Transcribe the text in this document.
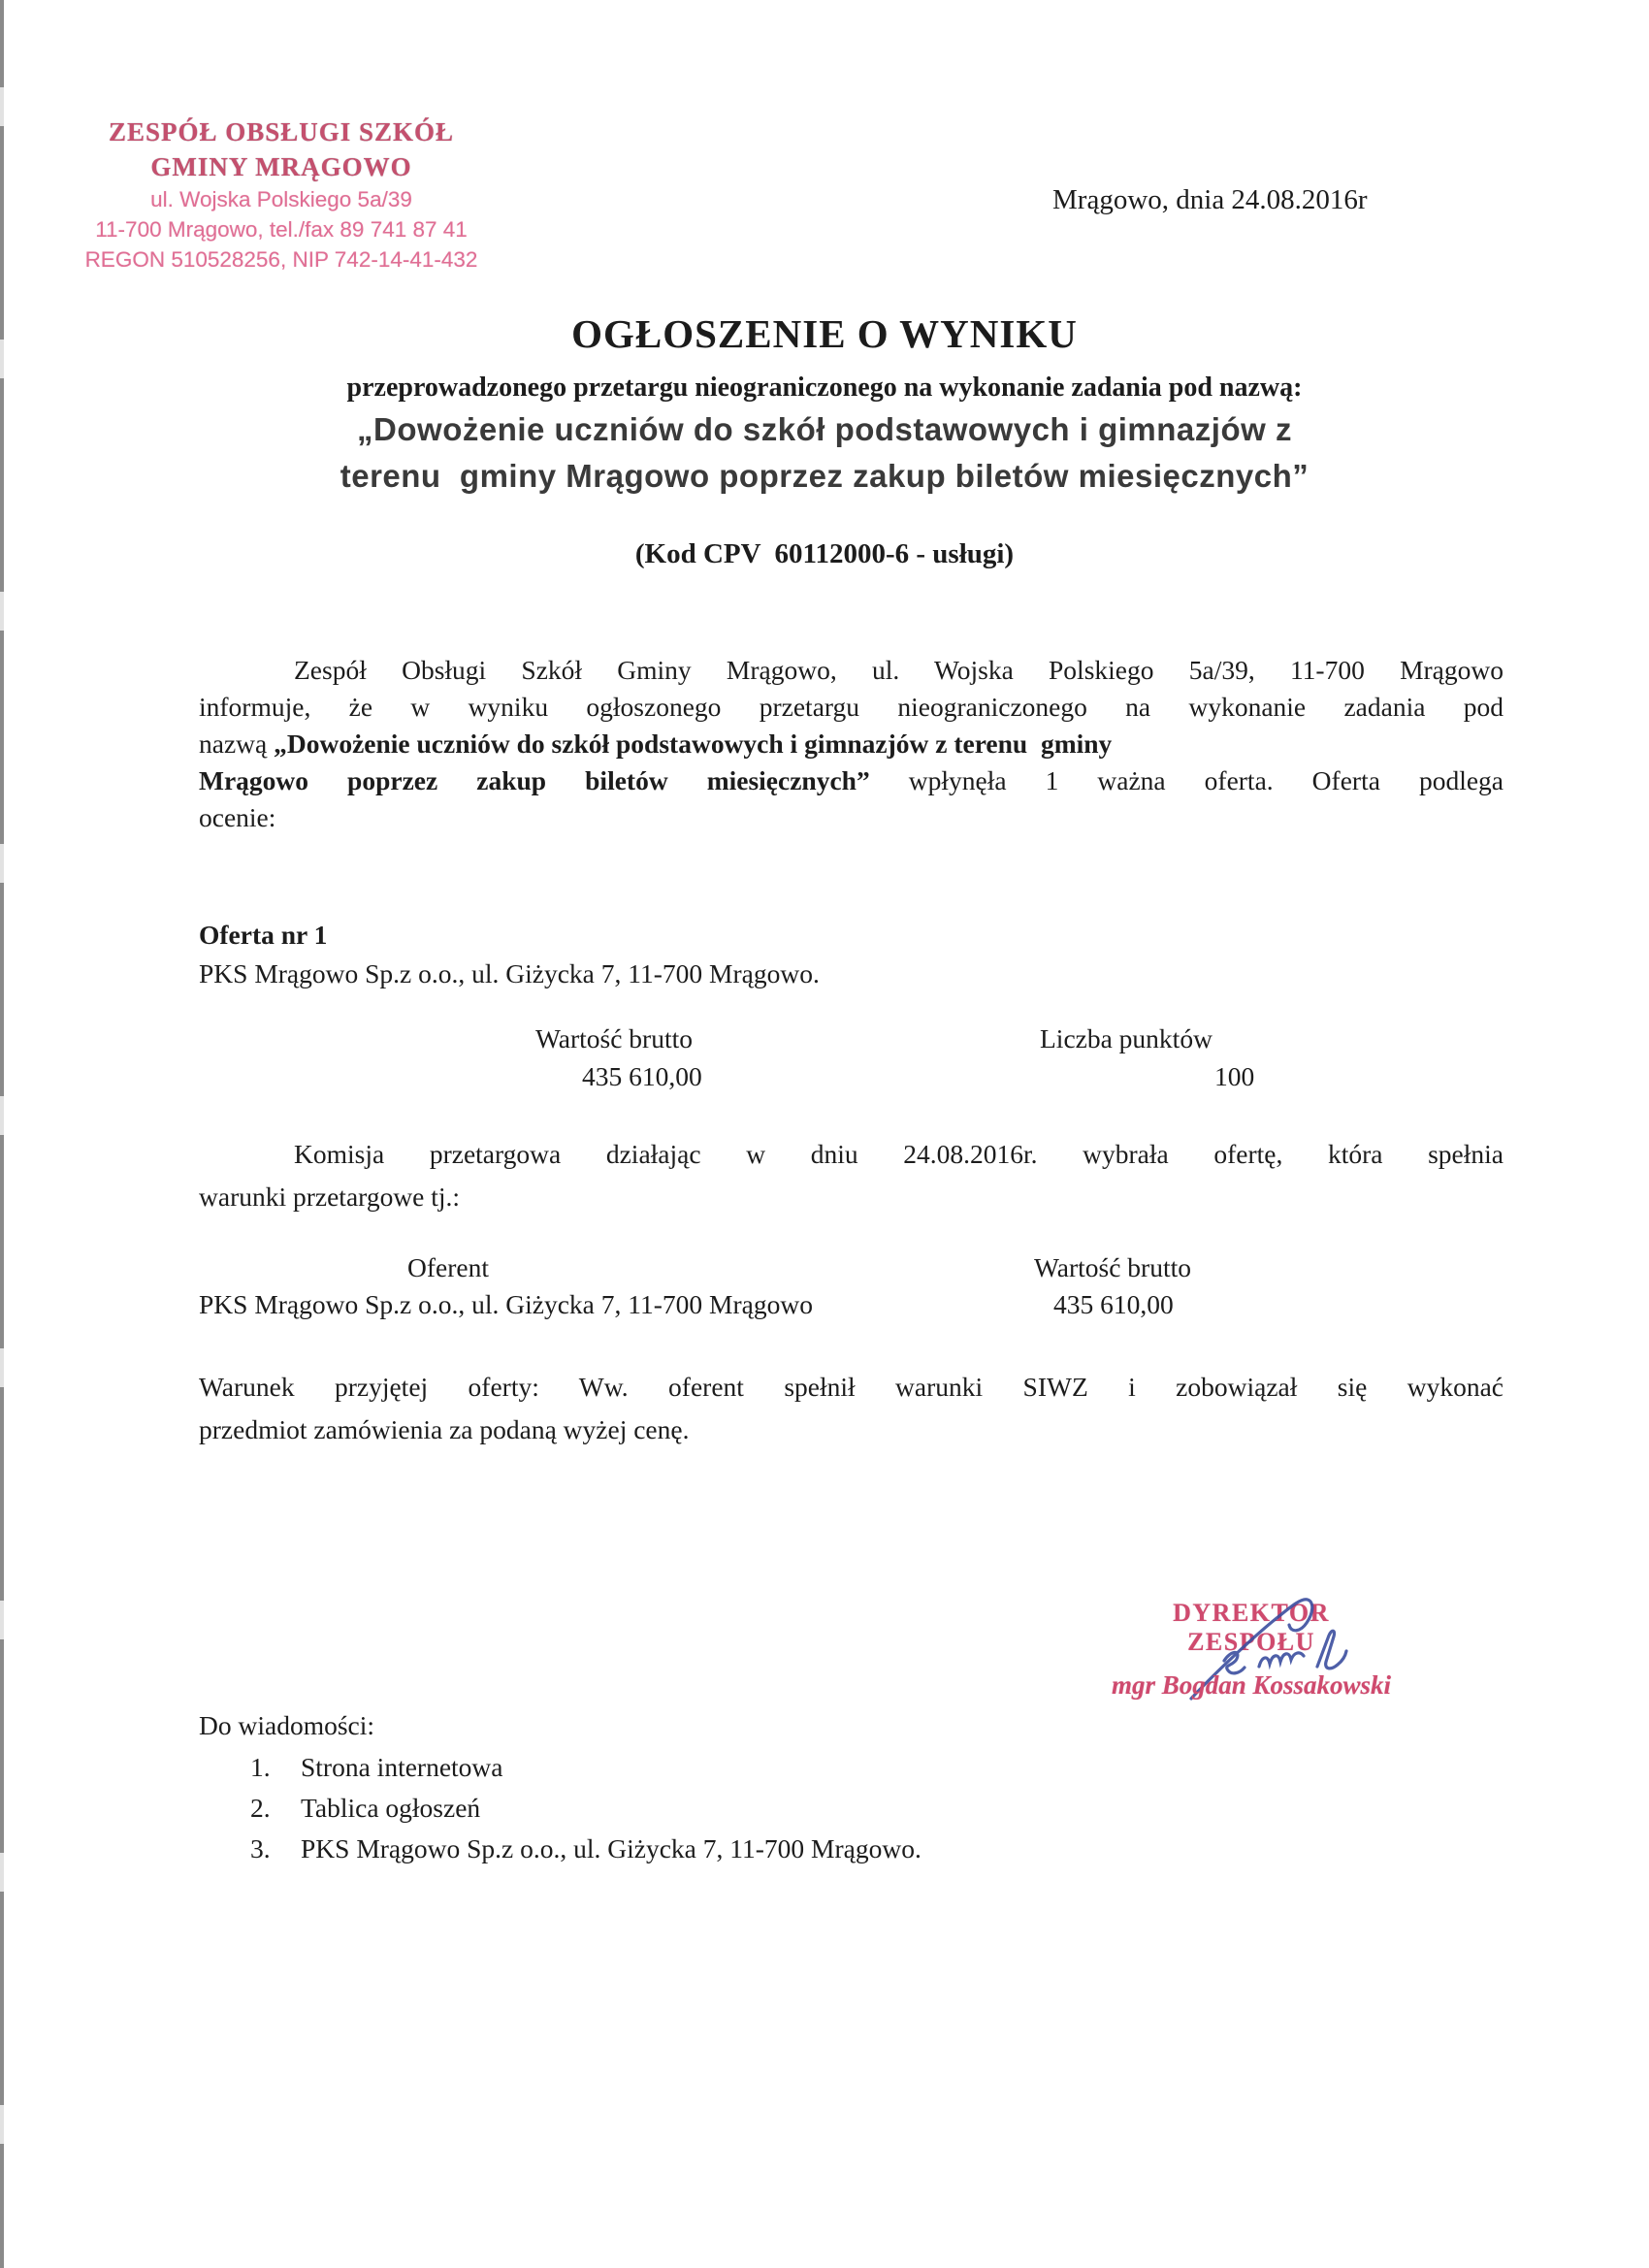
ZESPÓŁ OBSŁUGI SZKÓŁ
GMINY MRĄGOWO
ul. Wojska Polskiego 5a/39
11-700 Mrągowo, tel./fax 89 741 87 41
REGON 510528256, NIP 742-14-41-432
Mrągowo, dnia 24.08.2016r
OGŁOSZENIE O WYNIKU
przeprowadzonego przetargu nieograniczonego na wykonanie zadania pod nazwą:
„Dowożenie uczniów do szkół podstawowych i gimnazjów z
terenu  gminy Mrągowo poprzez zakup biletów miesięcznych”
(Kod CPV  60112000-6 - usługi)
Zespół Obsługi Szkół Gminy Mrągowo, ul. Wojska Polskiego 5a/39, 11-700 Mrągowo
informuje, że w wyniku ogłoszonego przetargu nieograniczonego na wykonanie zadania pod
nazwą „Dowożenie uczniów do szkół podstawowych i gimnazjów z terenu  gminy
Mrągowo poprzez zakup biletów miesięcznych” wpłynęła 1 ważna oferta. Oferta podlega
ocenie:
Oferta nr 1
PKS Mrągowo Sp.z o.o., ul. Giżycka 7, 11-700 Mrągowo.
Wartość brutto	Liczba punktów
435 610,00	100
Komisja przetargowa działając w dniu 24.08.2016r. wybrała ofertę, która spełnia
warunki przetargowe tj.:
Oferent	Wartość brutto
PKS Mrągowo Sp.z o.o., ul. Giżycka 7, 11-700 Mrągowo	435 610,00
Warunek przyjętej oferty: Ww. oferent spełnił warunki SIWZ i zobowiązał się wykonać
przedmiot zamówienia za podaną wyżej cenę.
DYREKTOR ZESPOŁU
mgr Bogdan Kossakowski
Do wiadomości:
1. Strona internetowa
2. Tablica ogłoszeń
3. PKS Mrągowo Sp.z o.o., ul. Giżycka 7, 11-700 Mrągowo.
